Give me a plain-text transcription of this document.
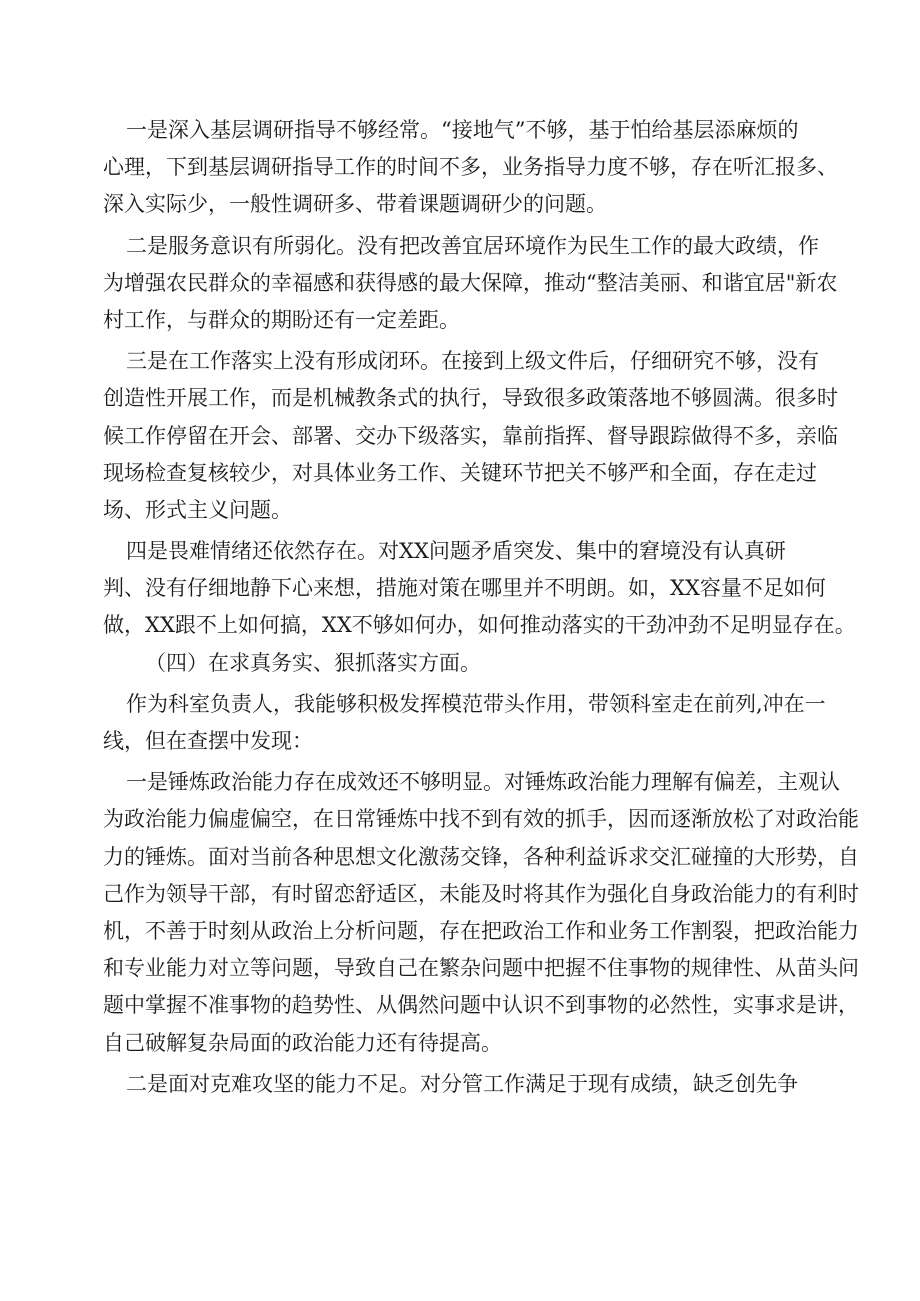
一是深入基层调研指导不够经常。“接地气”不够，基于怕给基层添麻烦的
心理，下到基层调研指导工作的时间不多，业务指导力度不够，存在听汇报多、
深入实际少，一般性调研多、带着课题调研少的问题。
二是服务意识有所弱化。没有把改善宜居环境作为民生工作的最大政绩，作
为增强农民群众的幸福感和获得感的最大保障，推动“整洁美丽、和谐宜居"新农
村工作，与群众的期盼还有一定差距。
三是在工作落实上没有形成闭环。在接到上级文件后，仔细研究不够，没有
创造性开展工作，而是机械教条式的执行，导致很多政策落地不够圆满。很多时
候工作停留在开会、部署、交办下级落实，靠前指挥、督导跟踪做得不多，亲临
现场检查复核较少，对具体业务工作、关键环节把关不够严和全面，存在走过
场、形式主义问题。
四是畏难情绪还依然存在。对XX问题矛盾突发、集中的窘境没有认真研
判、没有仔细地静下心来想，措施对策在哪里并不明朗。如，XX容量不足如何
做，XX跟不上如何搞，XX不够如何办，如何推动落实的干劲冲劲不足明显存在。
（四）在求真务实、狠抓落实方面。
作为科室负责人，我能够积极发挥模范带头作用，带领科室走在前列,冲在一
线，但在查摆中发现：
一是锤炼政治能力存在成效还不够明显。对锤炼政治能力理解有偏差，主观认
为政治能力偏虚偏空，在日常锤炼中找不到有效的抓手，因而逐渐放松了对政治能
力的锤炼。面对当前各种思想文化激荡交锋，各种利益诉求交汇碰撞的大形势，自
己作为领导干部，有时留恋舒适区，未能及时将其作为强化自身政治能力的有利时
机，不善于时刻从政治上分析问题，存在把政治工作和业务工作割裂，把政治能力
和专业能力对立等问题，导致自己在繁杂问题中把握不住事物的规律性、从苗头问
题中掌握不准事物的趋势性、从偶然问题中认识不到事物的必然性，实事求是讲，
自己破解复杂局面的政治能力还有待提高。
二是面对克难攻坚的能力不足。对分管工作满足于现有成绩，缺乏创先争
